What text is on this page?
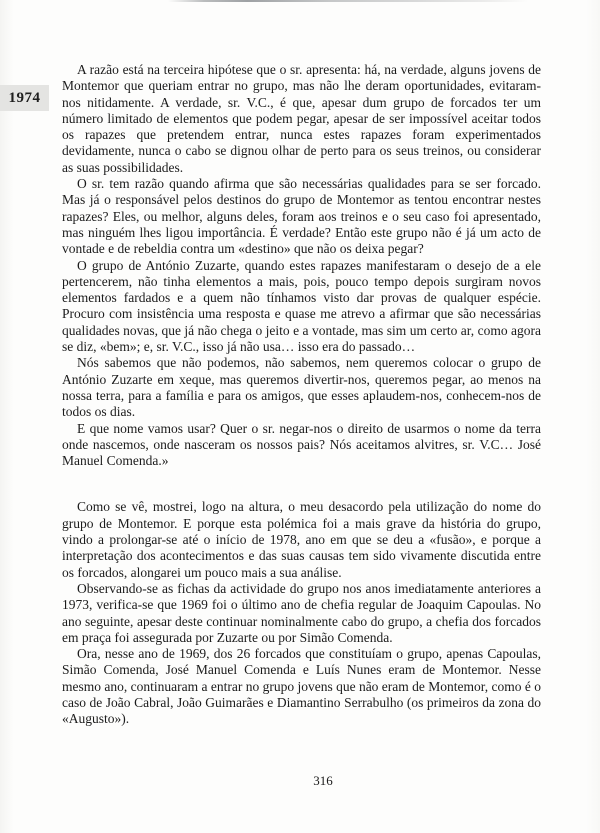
1974

A razão está na terceira hipótese que o sr. apresenta: há, na verdade, alguns jovens de Montemor que queriam entrar no grupo, mas não lhe deram oportunidades, evitaram-nos nitidamente. A verdade, sr. V.C., é que, apesar dum grupo de forcados ter um número limitado de elementos que podem pegar, apesar de ser impossível aceitar todos os rapazes que pretendem entrar, nunca estes rapazes foram experimentados devidamente, nunca o cabo se dignou olhar de perto para os seus treinos, ou considerar as suas possibilidades.

O sr. tem razão quando afirma que são necessárias qualidades para se ser forcado. Mas já o responsável pelos destinos do grupo de Montemor as tentou encontrar nestes rapazes? Eles, ou melhor, alguns deles, foram aos treinos e o seu caso foi apresentado, mas ninguém lhes ligou importância. É verdade? Então este grupo não é já um acto de vontade e de rebeldia contra um «destino» que não os deixa pegar?

O grupo de António Zuzarte, quando estes rapazes manifestaram o desejo de a ele pertencerem, não tinha elementos a mais, pois, pouco tempo depois surgiram novos elementos fardados e a quem não tínhamos visto dar provas de qualquer espécie. Procuro com insistência uma resposta e quase me atrevo a afirmar que são necessárias qualidades novas, que já não chega o jeito e a vontade, mas sim um certo ar, como agora se diz, «bem»; e, sr. V.C., isso já não usa… isso era do passado…

Nós sabemos que não podemos, não sabemos, nem queremos colocar o grupo de António Zuzarte em xeque, mas queremos divertir-nos, queremos pegar, ao menos na nossa terra, para a família e para os amigos, que esses aplaudem-nos, conhecem-nos de todos os dias.

E que nome vamos usar? Quer o sr. negar-nos o direito de usarmos o nome da terra onde nascemos, onde nasceram os nossos pais? Nós aceitamos alvitres, sr. V.C… José Manuel Comenda.»

Como se vê, mostrei, logo na altura, o meu desacordo pela utilização do nome do grupo de Montemor. E porque esta polémica foi a mais grave da história do grupo, vindo a prolongar-se até o início de 1978, ano em que se deu a «fusão», e porque a interpretação dos acontecimentos e das suas causas tem sido vivamente discutida entre os forcados, alongarei um pouco mais a sua análise.

Observando-se as fichas da actividade do grupo nos anos imediatamente anteriores a 1973, verifica-se que 1969 foi o último ano de chefia regular de Joaquim Capoulas. No ano seguinte, apesar deste continuar nominalmente cabo do grupo, a chefia dos forcados em praça foi assegurada por Zuzarte ou por Simão Comenda.

Ora, nesse ano de 1969, dos 26 forcados que constituíam o grupo, apenas Capoulas, Simão Comenda, José Manuel Comenda e Luís Nunes eram de Montemor. Nesse mesmo ano, continuaram a entrar no grupo jovens que não eram de Montemor, como é o caso de João Cabral, João Guimarães e Diamantino Serrabulho (os primeiros da zona do «Augusto»).

316
